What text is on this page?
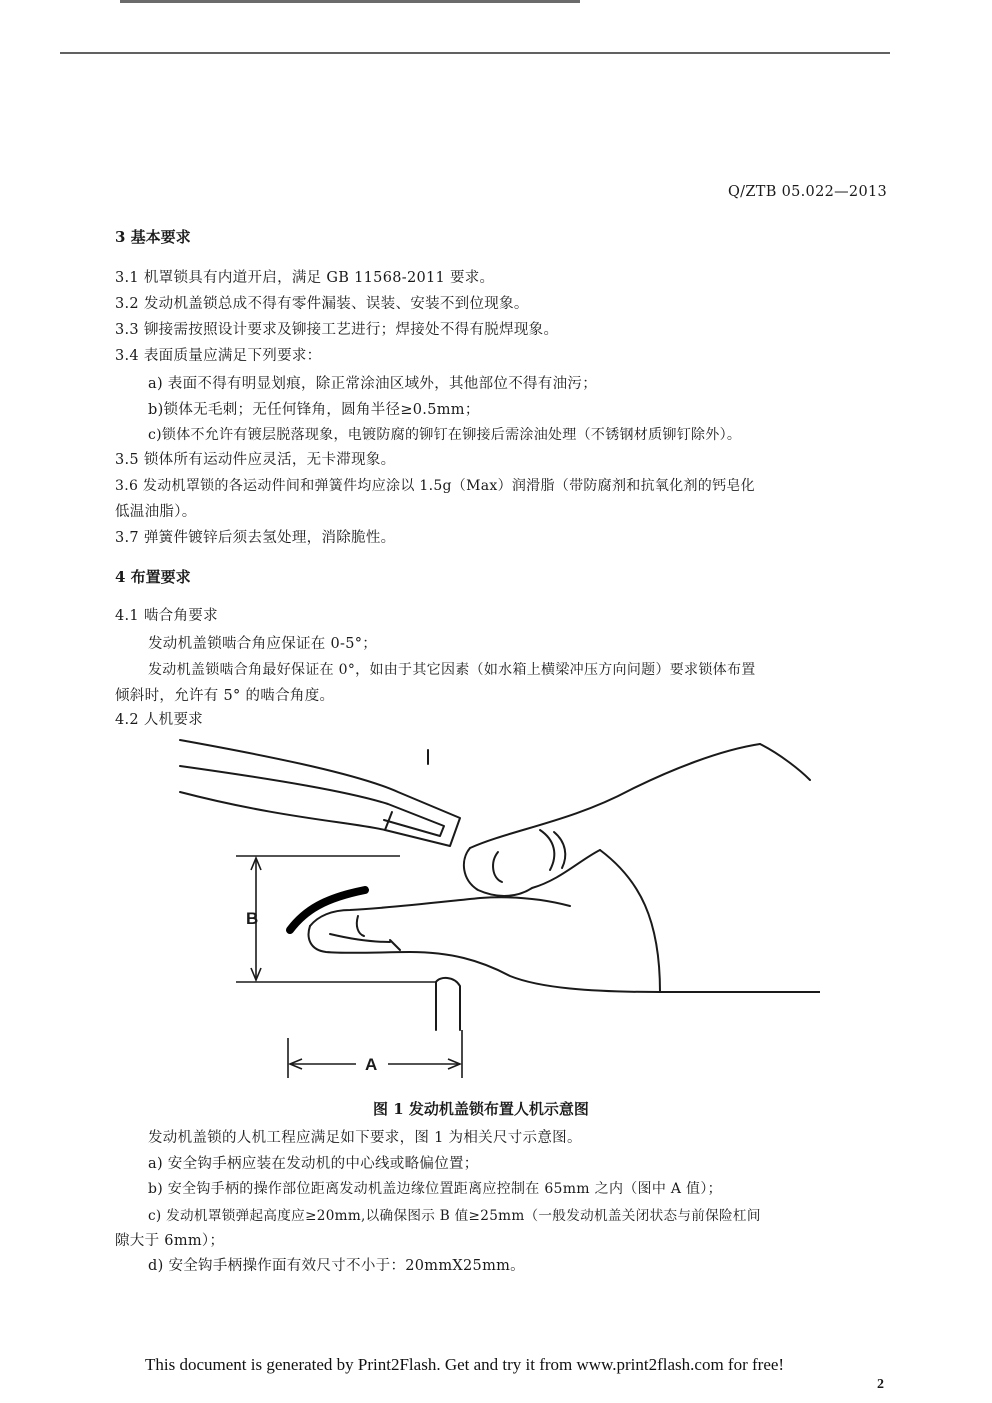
Q/ZTB 05.022—2013
3 基本要求
3.1 机罩锁具有内道开启，满足 GB 11568-2011 要求。
3.2 发动机盖锁总成不得有零件漏装、误装、安装不到位现象。
3.3 铆接需按照设计要求及铆接工艺进行；焊接处不得有脱焊现象。
3.4 表面质量应满足下列要求：
a) 表面不得有明显划痕，除正常涂油区域外，其他部位不得有油污；
b)锁体无毛刺；无任何锋角，圆角半径≥0.5mm；
c)锁体不允许有镀层脱落现象，电镀防腐的铆钉在铆接后需涂油处理（不锈钢材质铆钉除外）。
3.5 锁体所有运动件应灵活，无卡滞现象。
3.6 发动机罩锁的各运动件间和弹簧件均应涂以 1.5g（Max）润滑脂（带防腐剂和抗氧化剂的钙皂化
低温油脂）。
3.7 弹簧件镀锌后须去氢处理，消除脆性。
4 布置要求
4.1 啮合角要求
发动机盖锁啮合角应保证在 0-5°；
发动机盖锁啮合角最好保证在 0°，如由于其它因素（如水箱上横梁冲压方向问题）要求锁体布置
倾斜时，允许有 5° 的啮合角度。
4.2 人机要求
B
A
图 1 发动机盖锁布置人机示意图
发动机盖锁的人机工程应满足如下要求，图 1 为相关尺寸示意图。
a) 安全钩手柄应装在发动机的中心线或略偏位置；
b) 安全钩手柄的操作部位距离发动机盖边缘位置距离应控制在 65mm 之内（图中 A 值）；
c) 发动机罩锁弹起高度应≥20mm,以确保图示 B 值≥25mm（一般发动机盖关闭状态与前保险杠间
隙大于 6mm）；
d) 安全钩手柄操作面有效尺寸不小于：20mmX25mm。
This document is generated by Print2Flash. Get and try it from www.print2flash.com for free!
2
